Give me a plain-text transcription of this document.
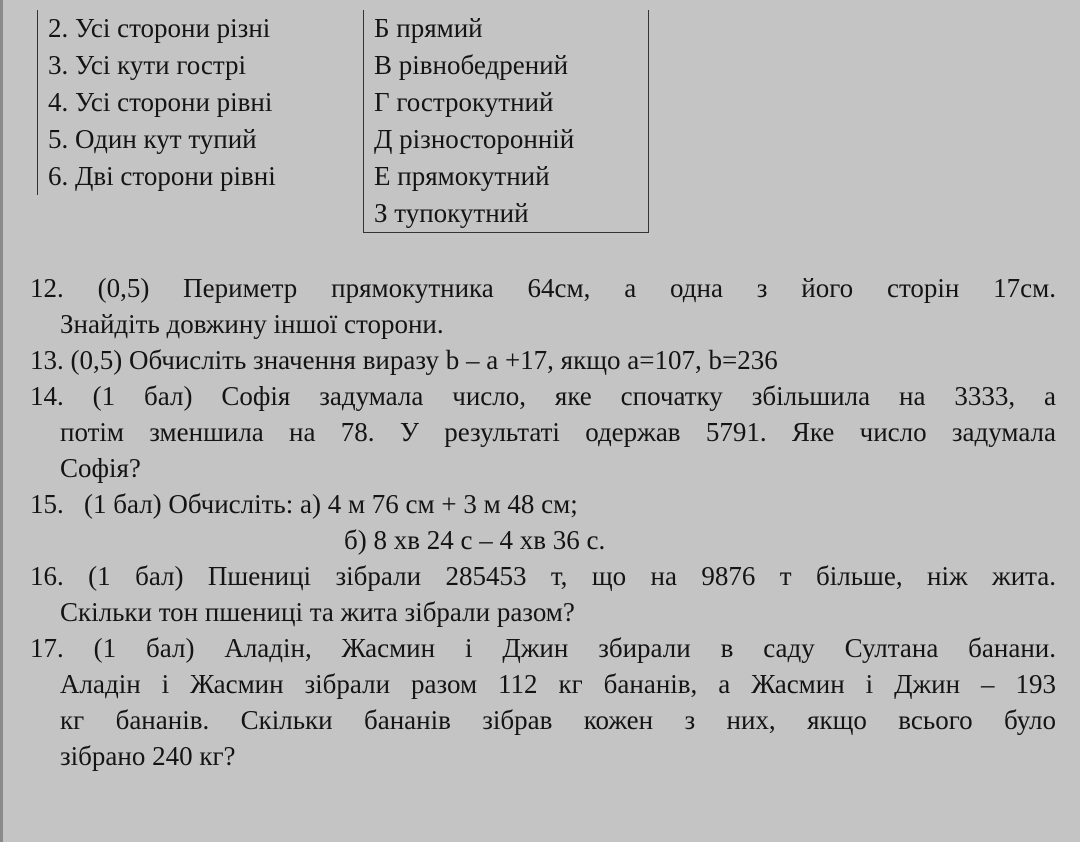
2. Усі сторони різні
3. Усі кути гострі
4. Усі сторони рівні
5. Один кут тупий
6. Дві сторони рівні
Б прямий
В рівнобедрений
Г гострокутний
Д різносторонній
Е прямокутний
З тупокутний
12. (0,5) Периметр прямокутника 64см, а одна з його сторін 17см.
Знайдіть довжину іншої сторони.
13. (0,5) Обчисліть значення виразу b – а +17, якщо а=107, b=236
14. (1 бал) Софія задумала число, яке спочатку збільшила на 3333, а
потім зменшила на 78. У результаті одержав 5791. Яке число задумала
Софія?
15.   (1 бал) Обчисліть: а) 4 м 76 см + 3 м 48 см;
б) 8 хв 24 с – 4 хв 36 с.
16. (1 бал) Пшениці зібрали 285453 т, що на 9876 т більше, ніж жита.
Скільки тон пшениці та жита зібрали разом?
17. (1 бал) Аладін, Жасмин і Джин збирали в саду Султана банани.
Аладін і Жасмин зібрали разом 112 кг бананів, а Жасмин і Джин – 193
кг бананів. Скільки бананів зібрав кожен з них, якщо всього було
зібрано 240 кг?
